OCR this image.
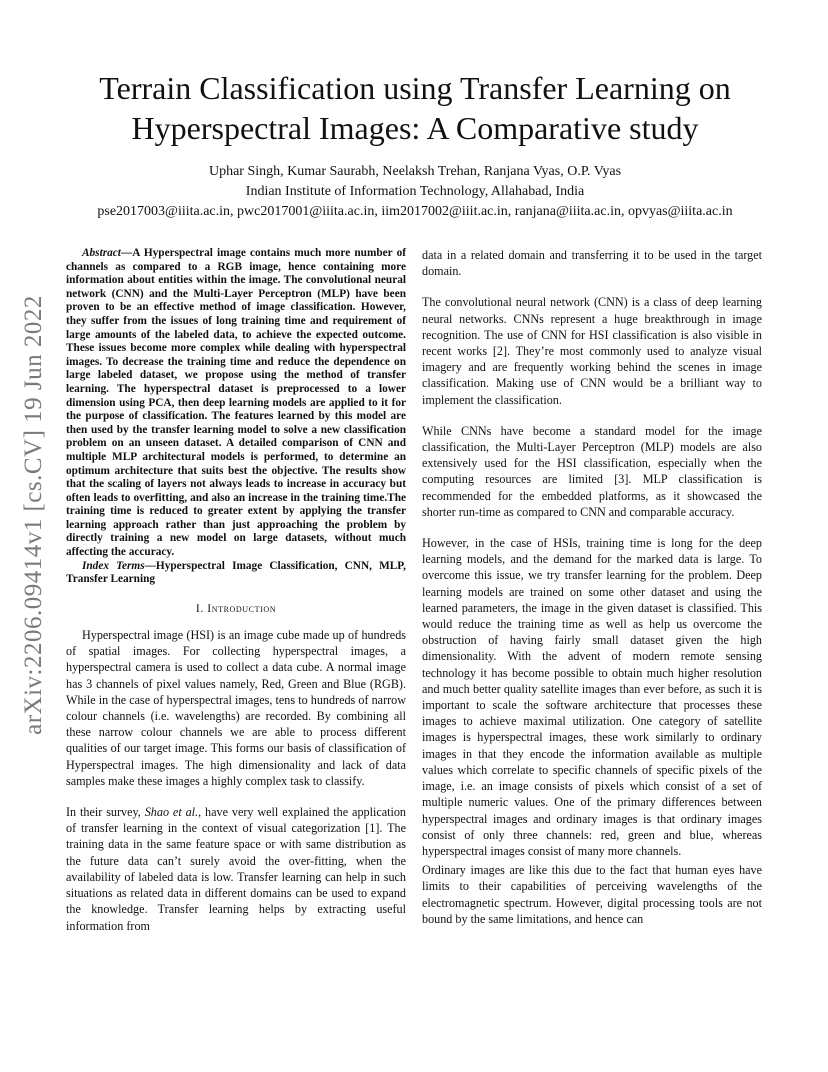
arXiv:2206.09414v1 [cs.CV] 19 Jun 2022
Terrain Classification using Transfer Learning on Hyperspectral Images: A Comparative study
Uphar Singh, Kumar Saurabh, Neelaksh Trehan, Ranjana Vyas, O.P. Vyas
Indian Institute of Information Technology, Allahabad, India
pse2017003@iiita.ac.in, pwc2017001@iiita.ac.in, iim2017002@iiit.ac.in, ranjana@iiita.ac.in, opvyas@iiita.ac.in

Abstract—A Hyperspectral image contains much more number of channels as compared to a RGB image, hence containing more information about entities within the image. The convolutional neural network (CNN) and the Multi-Layer Perceptron (MLP) have been proven to be an effective method of image classification. However, they suffer from the issues of long training time and requirement of large amounts of the labeled data, to achieve the expected outcome. These issues become more complex while dealing with hyperspectral images. To decrease the training time and reduce the dependence on large labeled dataset, we propose using the method of transfer learning. The hyperspectral dataset is preprocessed to a lower dimension using PCA, then deep learning models are applied to it for the purpose of classification. The features learned by this model are then used by the transfer learning model to solve a new classification problem on an unseen dataset. A detailed comparison of CNN and multiple MLP architectural models is performed, to determine an optimum architecture that suits best the objective. The results show that the scaling of layers not always leads to increase in accuracy but often leads to overfitting, and also an increase in the training time.The training time is reduced to greater extent by applying the transfer learning approach rather than just approaching the problem by directly training a new model on large datasets, without much affecting the accuracy.

Index Terms—Hyperspectral Image Classification, CNN, MLP, Transfer Learning

I. Introduction

Hyperspectral image (HSI) is an image cube made up of hundreds of spatial images. For collecting hyperspectral images, a hyperspectral camera is used to collect a data cube. A normal image has 3 channels of pixel values namely, Red, Green and Blue (RGB). While in the case of hyperspectral images, tens to hundreds of narrow colour channels (i.e. wavelengths) are recorded. By combining all these narrow colour channels we are able to process different qualities of our target image. This forms our basis of classification of Hyperspectral images. The high dimensionality and lack of data samples make these images a highly complex task to classify.

In their survey, Shao et al., have very well explained the application of transfer learning in the context of visual categorization [1]. The training data in the same feature space or with same distribution as the future data can’t surely avoid the over-fitting, when the availability of labeled data is low. Transfer learning can help in such situations as related data in different domains can be used to expand the knowledge. Transfer learning helps by extracting useful information from

data in a related domain and transferring it to be used in the target domain.

The convolutional neural network (CNN) is a class of deep learning neural networks. CNNs represent a huge breakthrough in image recognition. The use of CNN for HSI classification is also visible in recent works [2]. They’re most commonly used to analyze visual imagery and are frequently working behind the scenes in image classification. Making use of CNN would be a brilliant way to implement the classification.

While CNNs have become a standard model for the image classification, the Multi-Layer Perceptron (MLP) models are also extensively used for the HSI classification, especially when the computing resources are limited [3]. MLP classification is recommended for the embedded platforms, as it showcased the shorter run-time as compared to CNN and comparable accuracy.

However, in the case of HSIs, training time is long for the deep learning models, and the demand for the marked data is large. To overcome this issue, we try transfer learning for the problem. Deep learning models are trained on some other dataset and using the learned parameters, the image in the given dataset is classified. This would reduce the training time as well as help us overcome the obstruction of having fairly small dataset given the high dimensionality. With the advent of modern remote sensing technology it has become possible to obtain much higher resolution and much better quality satellite images than ever before, as such it is important to scale the software architecture that processes these images to achieve maximal utilization. One category of satellite images is hyperspectral images, these work similarly to ordinary images in that they encode the information available as multiple values which correlate to specific channels of specific pixels of the image, i.e. an image consists of pixels which consist of a set of multiple numeric values. One of the primary differences between hyperspectral images and ordinary images is that ordinary images consist of only three channels: red, green and blue, whereas hyperspectral images consist of many more channels.

Ordinary images are like this due to the fact that human eyes have limits to their capabilities of perceiving wavelengths of the electromagnetic spectrum. However, digital processing tools are not bound by the same limitations, and hence can
